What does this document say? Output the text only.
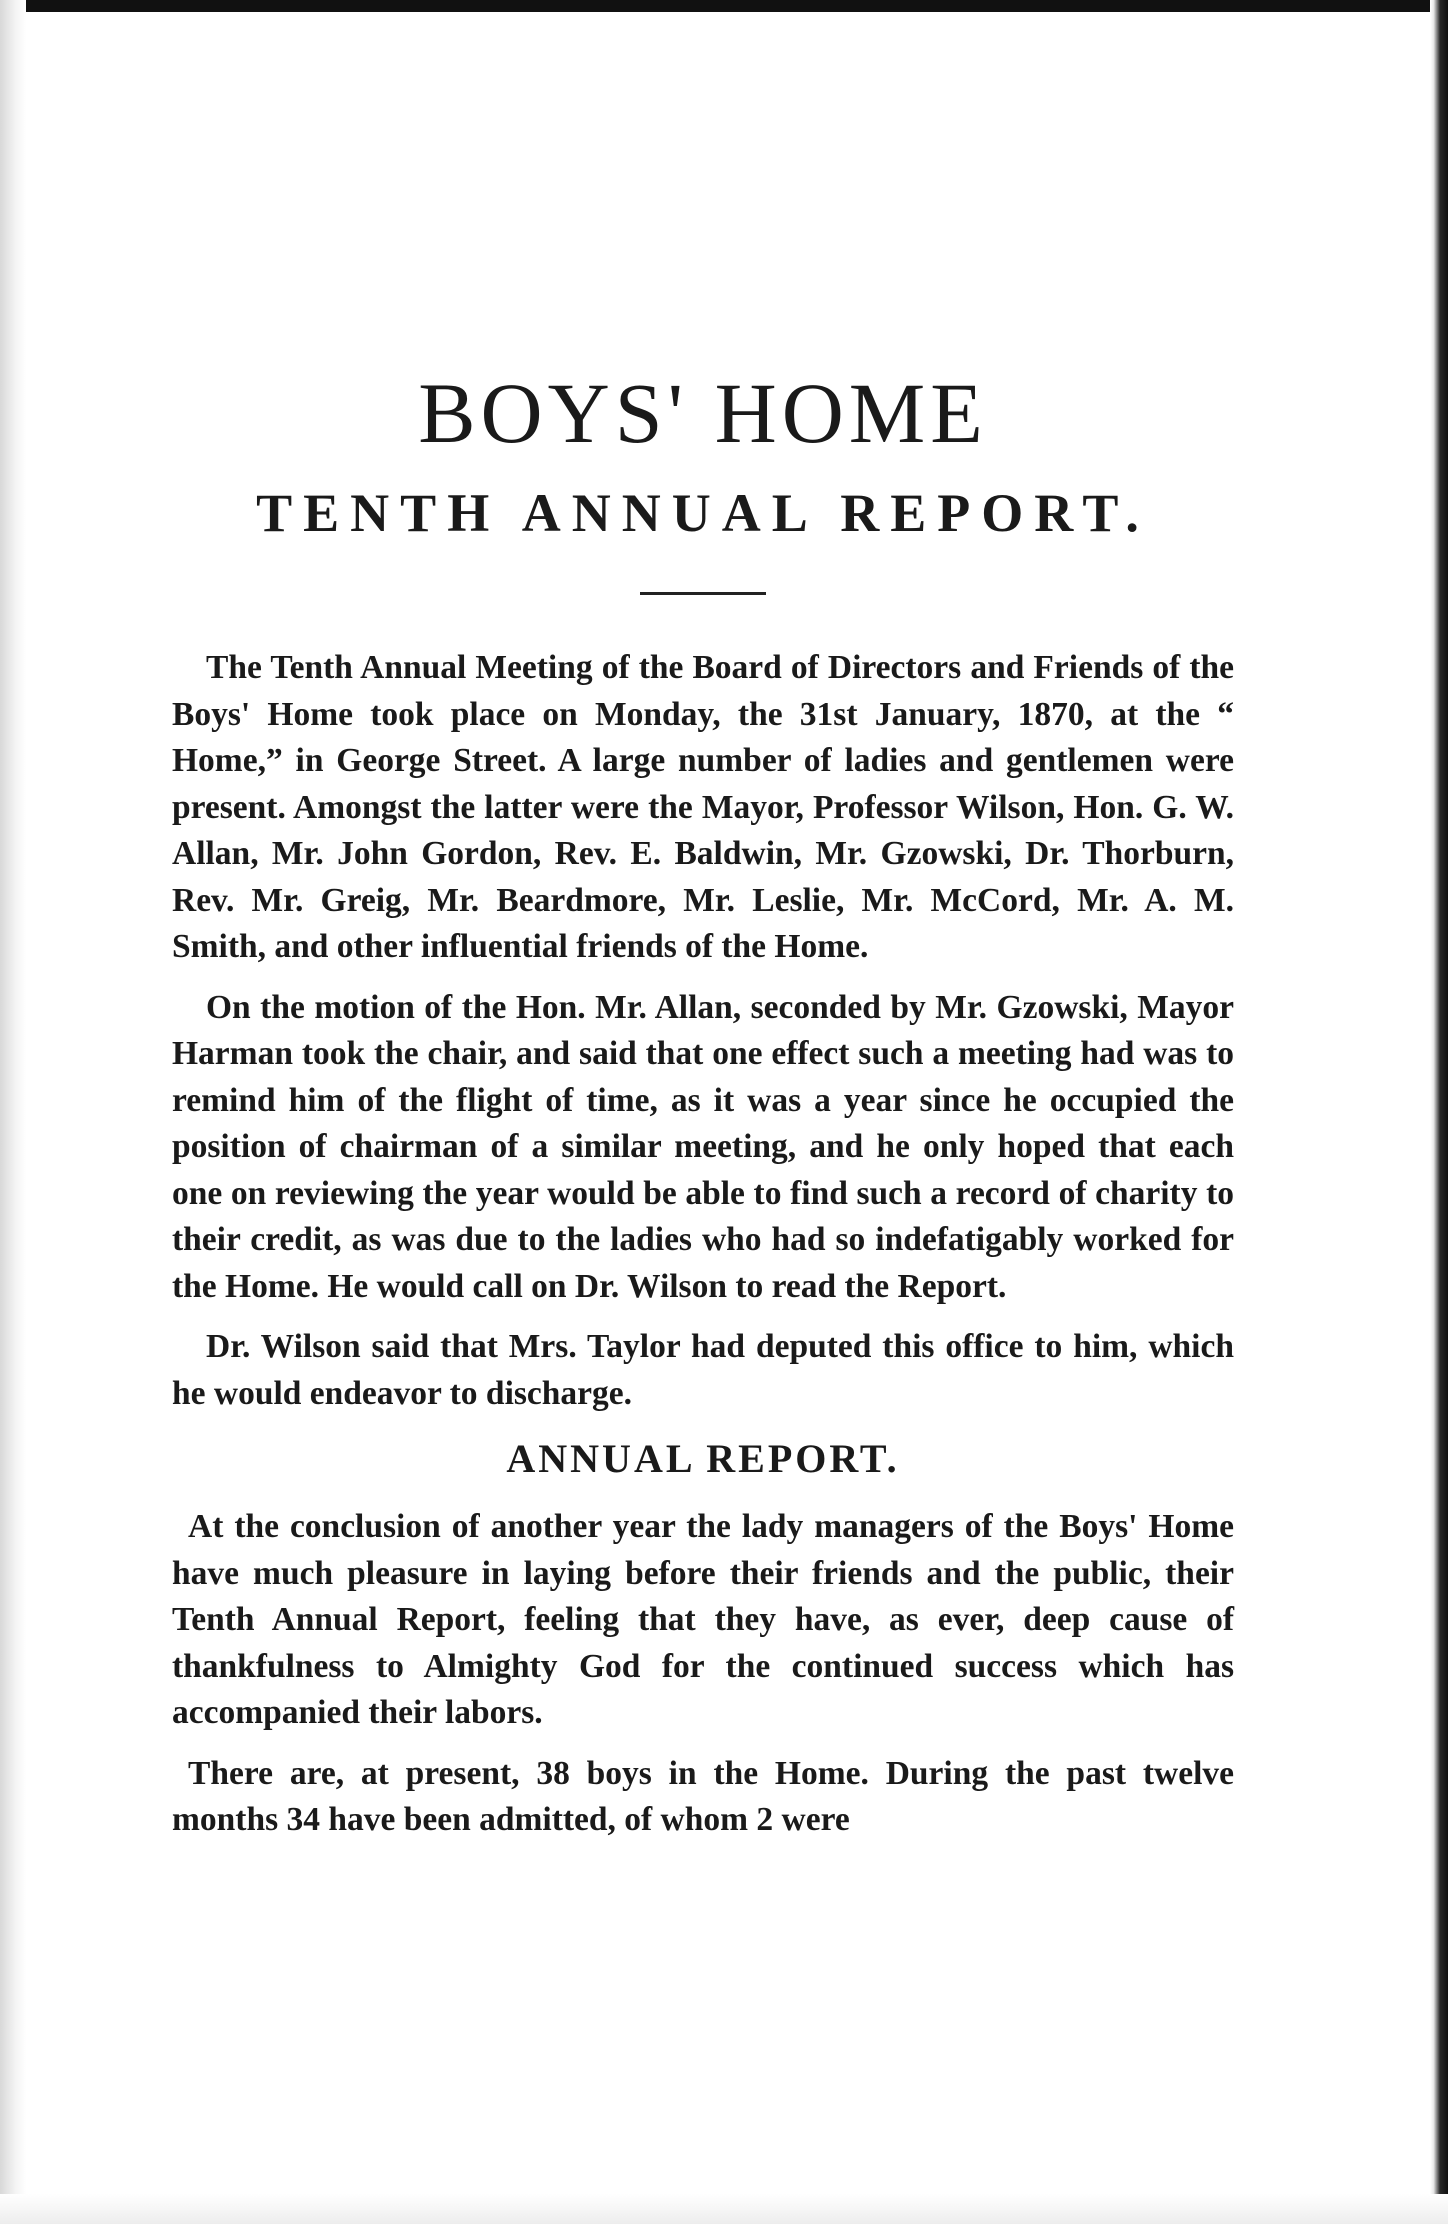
BOYS' HOME
TENTH ANNUAL REPORT.

The Tenth Annual Meeting of the Board of Directors and Friends of the Boys' Home took place on Monday, the 31st January, 1870, at the “ Home,” in George Street. A large number of ladies and gentlemen were present. Amongst the latter were the Mayor, Professor Wilson, Hon. G. W. Allan, Mr. John Gordon, Rev. E. Baldwin, Mr. Gzowski, Dr. Thorburn, Rev. Mr. Greig, Mr. Beardmore, Mr. Leslie, Mr. McCord, Mr. A. M. Smith, and other influential friends of the Home.

On the motion of the Hon. Mr. Allan, seconded by Mr. Gzowski, Mayor Harman took the chair, and said that one effect such a meeting had was to remind him of the flight of time, as it was a year since he occupied the position of chairman of a similar meeting, and he only hoped that each one on reviewing the year would be able to find such a record of charity to their credit, as was due to the ladies who had so indefatigably worked for the Home. He would call on Dr. Wilson to read the Report.

Dr. Wilson said that Mrs. Taylor had deputed this office to him, which he would endeavor to discharge.

ANNUAL REPORT.

At the conclusion of another year the lady managers of the Boys' Home have much pleasure in laying before their friends and the public, their Tenth Annual Report, feeling that they have, as ever, deep cause of thankfulness to Almighty God for the continued success which has accompanied their labors.

There are, at present, 38 boys in the Home. During the past twelve months 34 have been admitted, of whom 2 were
